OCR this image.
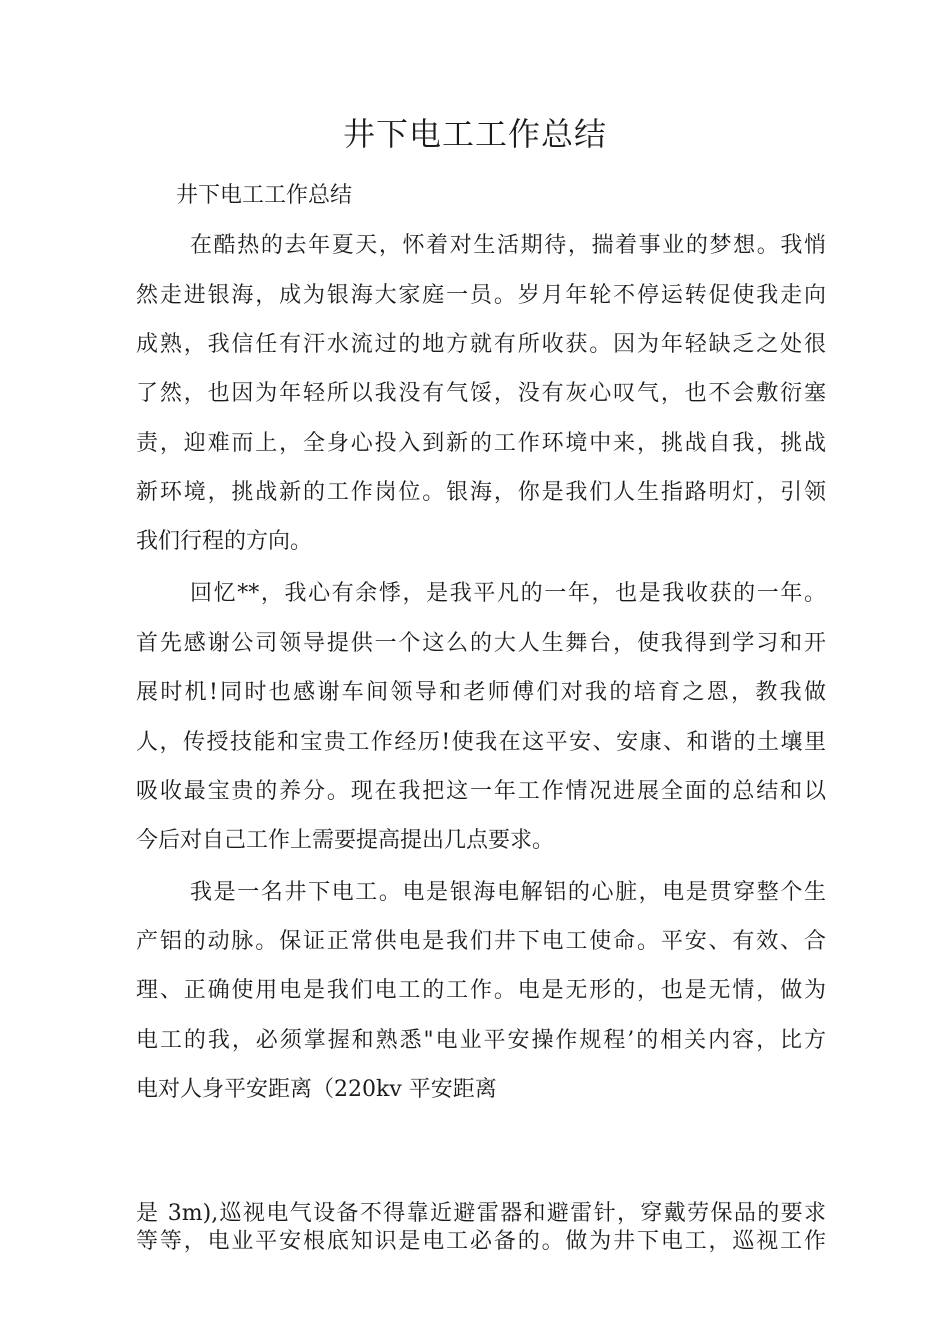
井下电工工作总结

井下电工工作总结

在酷热的去年夏天，怀着对生活期待，揣着事业的梦想。我悄

然走进银海，成为银海大家庭一员。岁月年轮不停运转促使我走向

成熟，我信任有汗水流过的地方就有所收获。因为年轻缺乏之处很

了然，也因为年轻所以我没有气馁，没有灰心叹气，也不会敷衍塞

责，迎难而上，全身心投入到新的工作环境中来，挑战自我，挑战

新环境，挑战新的工作岗位。银海，你是我们人生指路明灯，引领

我们行程的方向。

回忆**，我心有余悸，是我平凡的一年，也是我收获的一年。

首先感谢公司领导提供一个这么的大人生舞台，使我得到学习和开

展时机!同时也感谢车间领导和老师傅们对我的培育之恩，教我做

人，传授技能和宝贵工作经历!使我在这平安、安康、和谐的土壤里

吸收最宝贵的养分。现在我把这一年工作情况进展全面的总结和以

今后对自己工作上需要提高提出几点要求。

我是一名井下电工。电是银海电解铝的心脏，电是贯穿整个生

产铝的动脉。保证正常供电是我们井下电工使命。平安、有效、合

理、正确使用电是我们电工的工作。电是无形的，也是无情，做为

电工的我，必须掌握和熟悉"电业平安操作规程’的相关内容，比方

电对人身平安距离（220kv 平安距离

是 3m),巡视电气设备不得靠近避雷器和避雷针，穿戴劳保品的要求

等等，电业平安根底知识是电工必备的。做为井下电工，巡视工作
